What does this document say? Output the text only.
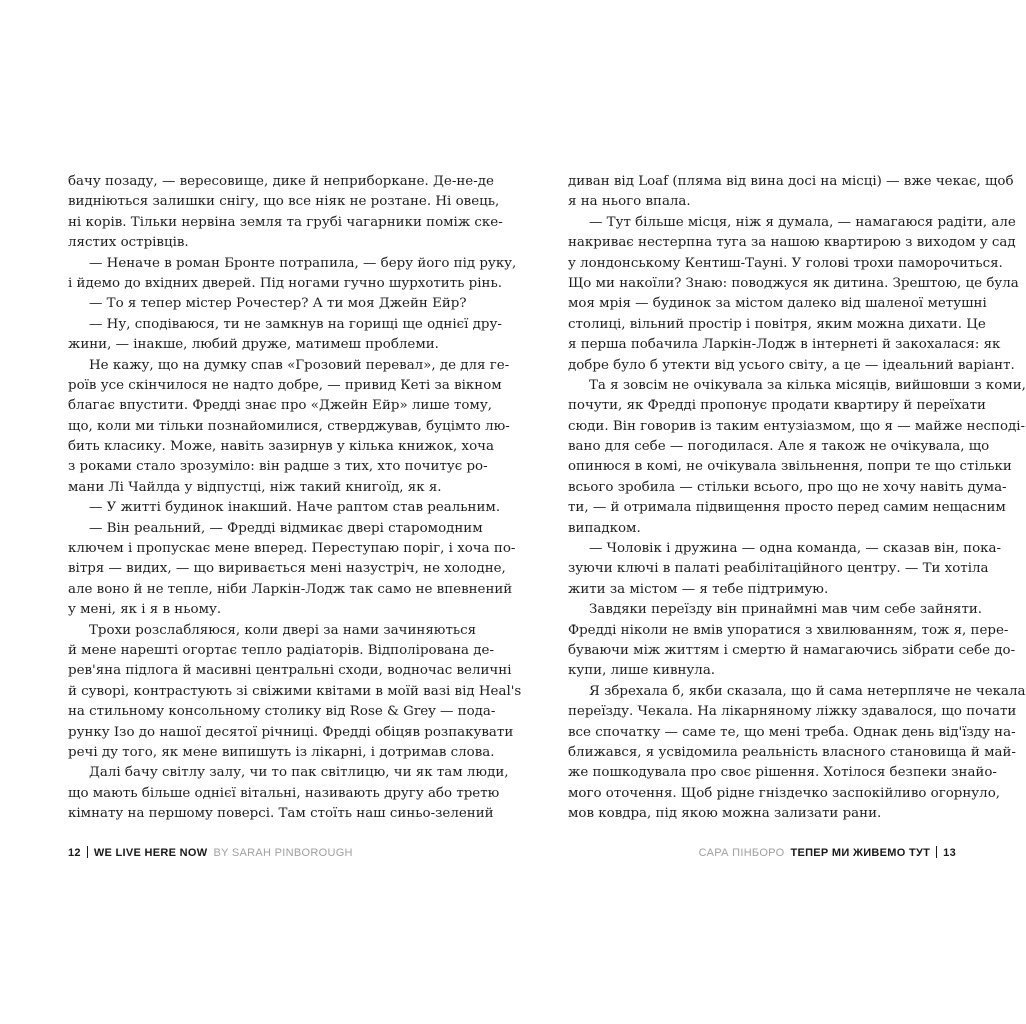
бачу позаду, — вересовище, дике й неприборкане. Де-не-де
видніються залишки снігу, що все ніяк не розтане. Ні овець,
ні корів. Тільки нервіна земля та грубі чагарники поміж ске-
лястих острівців.
— Неначе в роман Бронте потрапила, — беру його під руку,
і йдемо до вхідних дверей. Під ногами гучно шурхотить рінь.
— То я тепер містер Рочестер? А ти моя Джейн Ейр?
— Ну, сподіваюся, ти не замкнув на горищі ще однієї дру-
жини, — інакше, любий друже, матимеш проблеми.
Не кажу, що на думку спав «Грозовий перевал», де для ге-
роїв усе скінчилося не надто добре, — привид Кеті за вікном
благає впустити. Фредді знає про «Джейн Ейр» лише тому,
що, коли ми тільки познайомилися, стверджував, буцімто лю-
бить класику. Може, навіть зазирнув у кілька книжок, хоча
з роками стало зрозуміло: він радше з тих, хто почитує ро-
мани Лі Чайлда у відпустці, ніж такий книгоїд, як я.
— У житті будинок інакший. Наче раптом став реальним.
— Він реальний, — Фредді відмикає двері старомодним
ключем і пропускає мене вперед. Переступаю поріг, і хоча по-
вітря — видих, — що виривається мені назустріч, не холодне,
але воно й не тепле, ніби Ларкін-Лодж так само не впевнений
у мені, як і я в ньому.
Трохи розслабляюся, коли двері за нами зачиняються
й мене нарешті огортає тепло радіаторів. Відполірована де-
рев'яна підлога й масивні центральні сходи, водночас величні
й суворі, контрастують зі свіжими квітами в моїй вазі від Heal's
на стильному консольному столику від Rose & Grey — пода-
рунку Ізо до нашої десятої річниці. Фредді обіцяв розпакувати
речі ду того, як мене випишуть із лікарні, і дотримав слова.
Далі бачу світлу залу, чи то пак світлицю, чи як там люди,
що мають більше однієї вітальні, називають другу або третю
кімнату на першому поверсі. Там стоїть наш синьо-зелений
диван від Loaf (пляма від вина досі на місці) — вже чекає, щоб
я на нього впала.
— Тут більше місця, ніж я думала, — намагаюся радіти, але
накриває нестерпна туга за нашою квартирою з виходом у сад
у лондонському Кентиш-Тауні. У голові трохи паморочиться.
Що ми накоїли? Знаю: поводжуся як дитина. Зрештою, це була
моя мрія — будинок за містом далеко від шаленої метушні
столиці, вільний простір і повітря, яким можна дихати. Це
я перша побачила Ларкін-Лодж в інтернеті й закохалася: як
добре було б утекти від усього світу, а це — ідеальний варіант.
Та я зовсім не очікувала за кілька місяців, вийшовши з коми,
почути, як Фредді пропонує продати квартиру й переїхати
сюди. Він говорив із таким ентузіазмом, що я — майже несподі-
вано для себе — погодилася. Але я також не очікувала, що
опинюся в комі, не очікувала звільнення, попри те що стільки
всього зробила — стільки всього, про що не хочу навіть дума-
ти, — й отримала підвищення просто перед самим нещасним
випадком.
— Чоловік і дружина — одна команда, — сказав він, пока-
зуючи ключі в палаті реабілітаційного центру. — Ти хотіла
жити за містом — я тебе підтримую.
Завдяки переїзду він принаймні мав чим себе зайняти.
Фредді ніколи не вмів упоратися з хвилюванням, тож я, пере-
буваючи між життям і смертю й намагаючись зібрати себе до-
купи, лише кивнула.
Я збрехала б, якби сказала, що й сама нетерпляче не чекала
переїзду. Чекала. На лікарняному ліжку здавалося, що почати
все спочатку — саме те, що мені треба. Однак день від'їзду на-
ближався, я усвідомила реальність власного становища й май-
же пошкодувала про своє рішення. Хотілося безпеки знайо-
мого оточення. Щоб рідне гніздечко заспокійливо огорнуло,
мов ковдра, під якою можна зализати рани.
12 WE LIVE HERE NOW BY SARAH PINBOROUGH	САРА ПІНБОРО ТЕПЕР МИ ЖИВЕМО ТУТ 13
